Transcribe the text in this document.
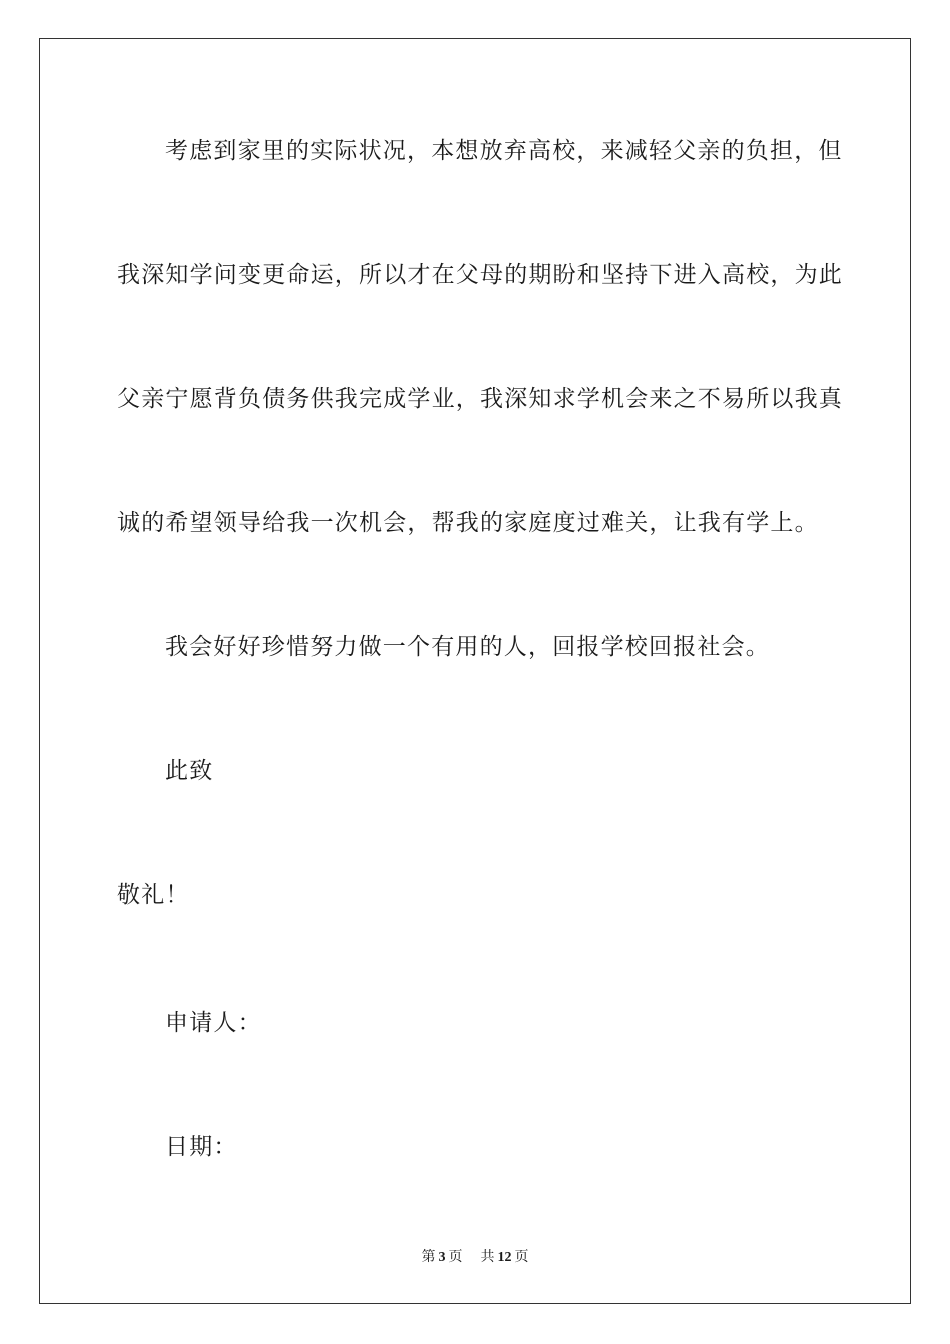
考虑到家里的实际状况，本想放弃高校，来减轻父亲的负担，但
我深知学问变更命运，所以才在父母的期盼和坚持下进入高校，为此
父亲宁愿背负债务供我完成学业，我深知求学机会来之不易所以我真
诚的希望领导给我一次机会，帮我的家庭度过难关，让我有学上。
我会好好珍惜努力做一个有用的人，回报学校回报社会。
此致
敬礼！
申请人：
日期：
第 3 页 共 12 页
